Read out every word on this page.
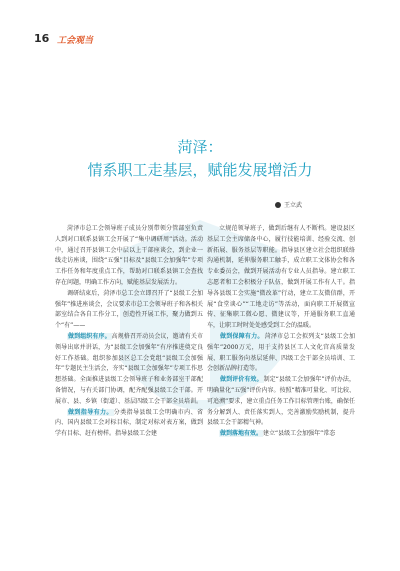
16 工会观当
菏泽：
情系职工走基层，赋能发展增活力
王立武

菏泽市总工会领导班子成员分别带领分管部室负责人到对口联系县镇工会开展了“集中调研周”活动。活动中，通过召开县镇工会中层以上干部座谈会，到企业一线走访座谈，围绕“五强”目标及“县级工会加强年”专项工作任务和年度重点工作，帮助对口联系县镇工会查找存在问题，明确工作方向，赋能基层发展活力。

调研结束后，菏泽市总工会立即召开了“县级工会加强年”推进座谈会，会议要求市总工会领导班子和各相关部室结合各自工作分工，创造性开展工作，聚力做到五个“有”——

做到组织有序。高规格召开动员会议，邀请有关市领导出席并讲话，为“县级工会加强年”有序推进奠定良好工作基础。组织参加县区总工会党组“县级工会加强年”专题民主生活会，夯实“县级工会加强年”专项工作思想基础。全面推进县级工会领导班子和业务部室干部配备情况，与有关部门协调，配齐配强县级工会干部。开展市、县、乡镇（街道）、基层四级工会干部全员培训。

做到指导有力。分类指导县级工会明确市内、省内、国内县级工会对标目标，制定对标对表方案，做到学有目标、赶有榜样。指导县级工会建

立规范领导班子，做到后继有人不断档。建设县区基层工会主席储备中心，履行技能培训、经验交流、创新拓展、服务基层等职能。指导县区建立社会组织联络沟通机制，延伸服务职工触手，成立职工文体协会和各专业委员会，做到开展活动有专业人员指导。建立职工志愿者和工会积极分子队伍，做到开展工作有人干。指导各县级工会实施“微改革”行动，建立工友微信群，开展“食堂谈心”“工地走访”等活动，面向职工开展微宣传、征集职工微心愿、微建议等，开通服务职工直通车，让职工时时处处感受到工会的温暖。

做到保障有力。菏泽市总工会拟列支“县级工会加强年”2000万元，用于支持县区工人文化宫高质量发展、职工服务向基层延伸、四级工会干部全员培训、工会创新品牌打造等。

做到评价有效。制定“县级工会加强年”评价办法，明确量化“五强”评价内容。按照“精准可量化、可比较、可追溯”要求，建立重点任务工作目标管理台账，确保任务分解到人、责任落实到人，完善激励奖励机制，提升县级工会干部精气神。

做到落地有效。建立“县级工会加强年”常态
